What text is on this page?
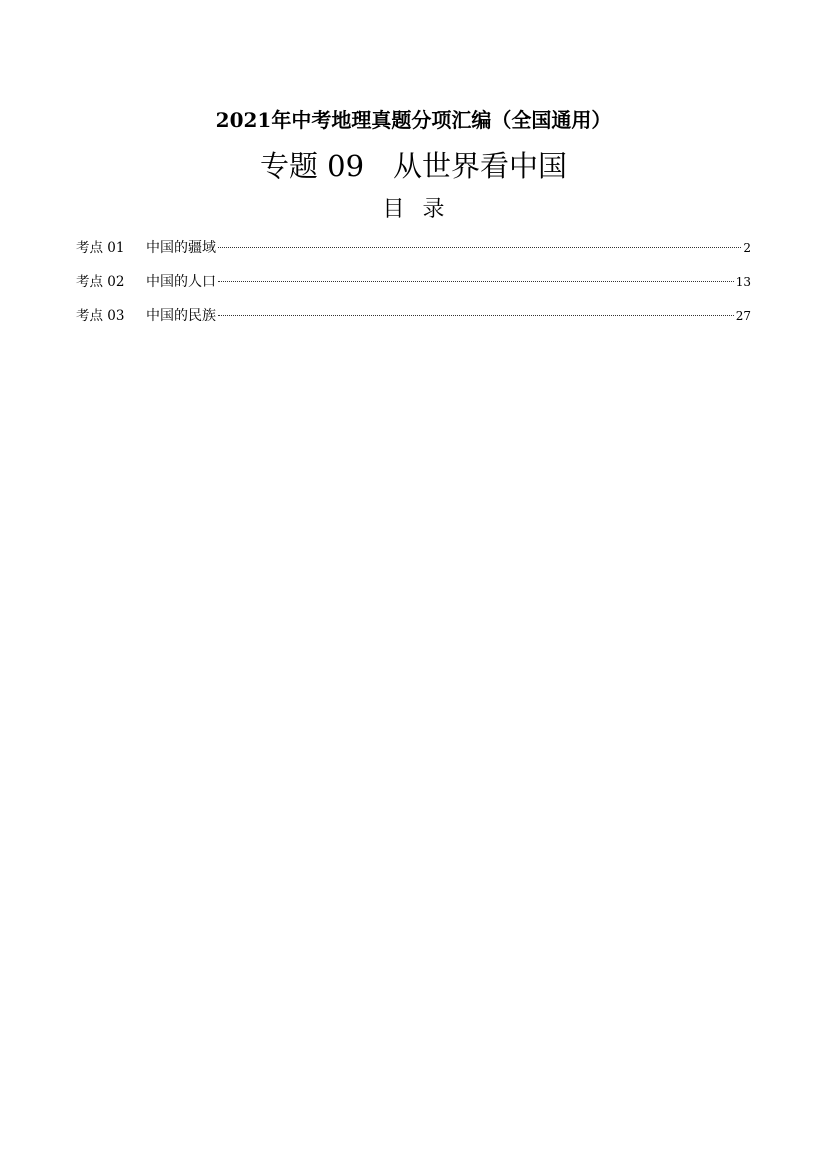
2021年中考地理真题分项汇编（全国通用）
专题 09　从世界看中国
目录
考点 01	中国的疆域	2
考点 02	中国的人口	13
考点 03	中国的民族	27
